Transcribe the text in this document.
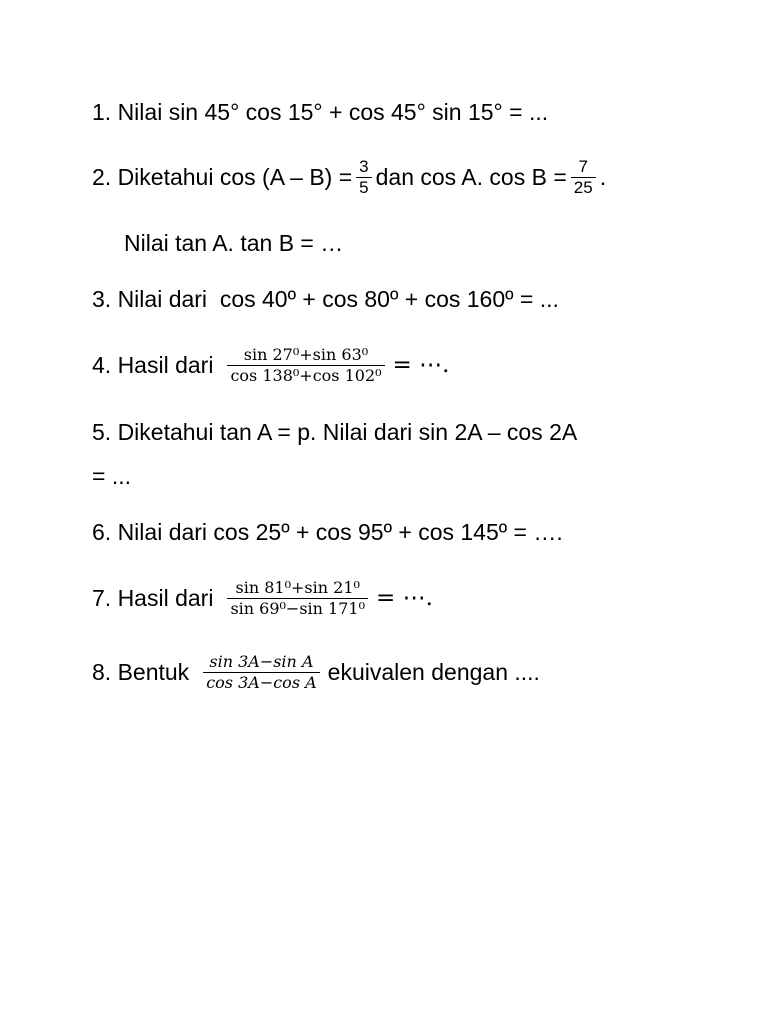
1. Nilai sin 45° cos 15° + cos 45° sin 15° = ...
2. Diketahui $\cos (A - B) = \frac{3}{5}$ dan cos A. $\cos B = \frac{7}{25}$ .
Nilai tan A. tan B = …
3. Nilai dari  cos 40º + cos 80º + cos 160º = ...
4. Hasil dari $\frac{\text{sin 27⁰+sin 63⁰}}{\text{cos 138⁰+cos 102⁰}}$ = ⋯.
5. Diketahui tan A = p. Nilai dari sin 2A – cos 2A
= ...
6. Nilai dari cos 25º + cos 95º + cos 145º = ….
7. Hasil dari $\frac{\text{sin 81⁰+sin 21⁰}}{\text{sin 69⁰−sin 171⁰}}$ = ⋯.
8. Bentuk $\frac{\text{sin 3A−sin A}}{\text{cos 3A−cos A}}$ ekuivalen dengan ....
